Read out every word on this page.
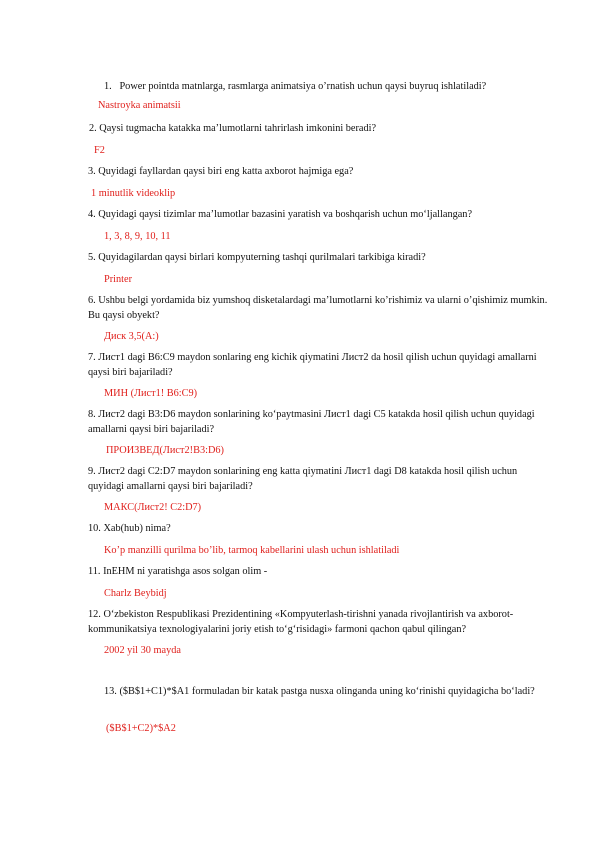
1.   Power pointda matnlarga, rasmlarga animatsiya o’rnatish uchun qaysi buyruq ishlatiladi?
Nastroyka animatsii
2. Qaysi tugmacha katakka ma’lumotlarni tahrirlash imkonini beradi?
F2
3. Quyidagi fayllardan qaysi biri eng katta axborot hajmiga ega?
1 minutlik videoklip
4. Quyidagi qaysi tizimlar ma’lumotlar bazasini yaratish va boshqarish uchun mo‘ljallangan?
1, 3, 8, 9, 10, 11
5. Quyidagilardan qaysi birlari kompyuterning tashqi qurilmalari tarkibiga kiradi?
Printer
6. Ushbu belgi yordamida biz yumshoq disketalardagi ma’lumotlarni ko’rishimiz va ularni o’qishimiz mumkin. Bu qaysi obyekt?
Диск 3,5(A:)
7. Лист1 dagi B6:C9 maydon sonlaring eng kichik qiymatini Лист2 da hosil qilish uchun quyidagi amallarni qaysi biri bajariladi?
МИН (Лист1! B6:C9)
8. Лист2 dagi B3:D6 maydon sonlarining ko‘paytmasini Лист1 dagi C5 katakda hosil qilish uchun quyidagi amallarni qaysi biri bajariladi?
ПРОИЗВЕД(Лист2!B3:D6)
9. Лист2 dagi C2:D7 maydon sonlarining eng katta qiymatini Лист1 dagi D8 katakda hosil qilish uchun quyidagi amallarni qaysi biri bajariladi?
МАКС(Лист2! C2:D7)
10. Xab(hub) nima?
Ko’p manzilli qurilma bo’lib, tarmoq kabellarini ulash uchun ishlatiladi
11. InEHM ni yaratishga asos solgan olim -
Charlz Beybidj
12. O‘zbekiston Respublikasi Prezidentining «Kompyuterlash-tirishni yanada rivojlantirish va axborot-kommunikatsiya texnologiyalarini joriy etish to‘g‘risidagi» farmoni qachon qabul qilingan?
2002 yil 30 mayda
13. ($B$1+C1)*$A1 formuladan bir katak pastga nusxa olinganda uning ko‘rinishi quyidagicha bo‘ladi?
($B$1+C2)*$A2
